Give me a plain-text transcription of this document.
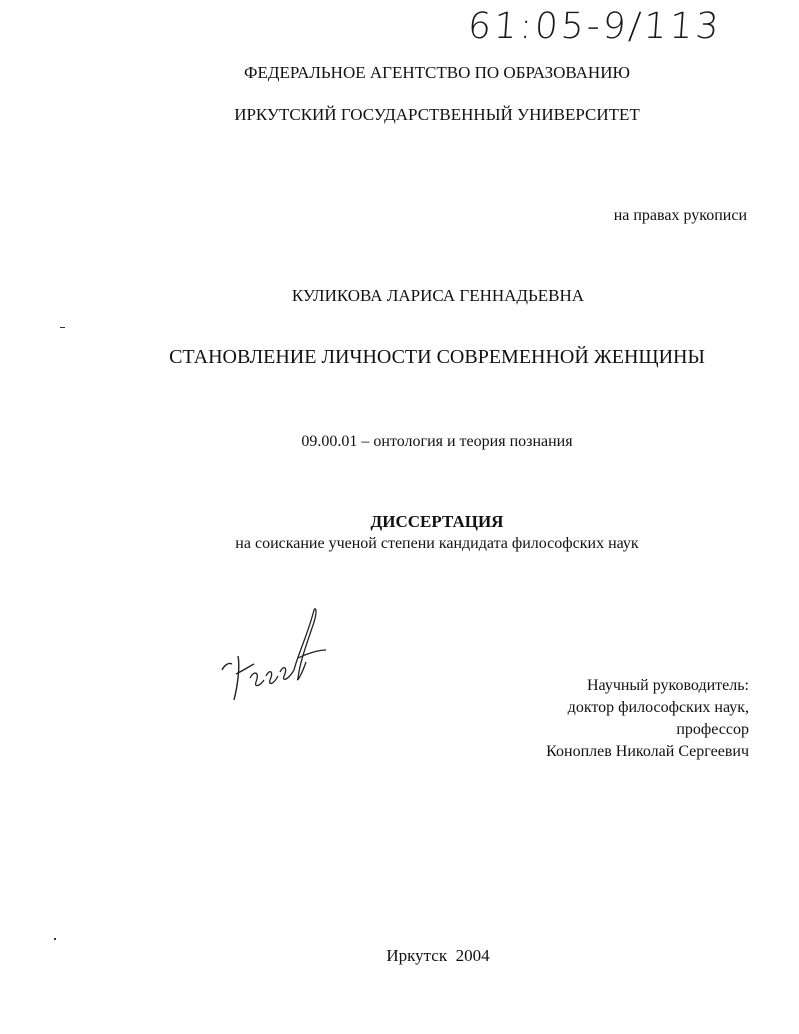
61:05-9/113
ФЕДЕРАЛЬНОЕ АГЕНТСТВО ПО ОБРАЗОВАНИЮ
ИРКУТСКИЙ ГОСУДАРСТВЕННЫЙ УНИВЕРСИТЕТ
на правах рукописи
КУЛИКОВА ЛАРИСА ГЕННАДЬЕВНА
СТАНОВЛЕНИЕ ЛИЧНОСТИ СОВРЕМЕННОЙ ЖЕНЩИНЫ
09.00.01 – онтология и теория познания
ДИССЕРТАЦИЯ
на соискание ученой степени кандидата философских наук
Научный руководитель:
доктор философских наук,
профессор
Коноплев Николай Сергеевич
Иркутск  2004
